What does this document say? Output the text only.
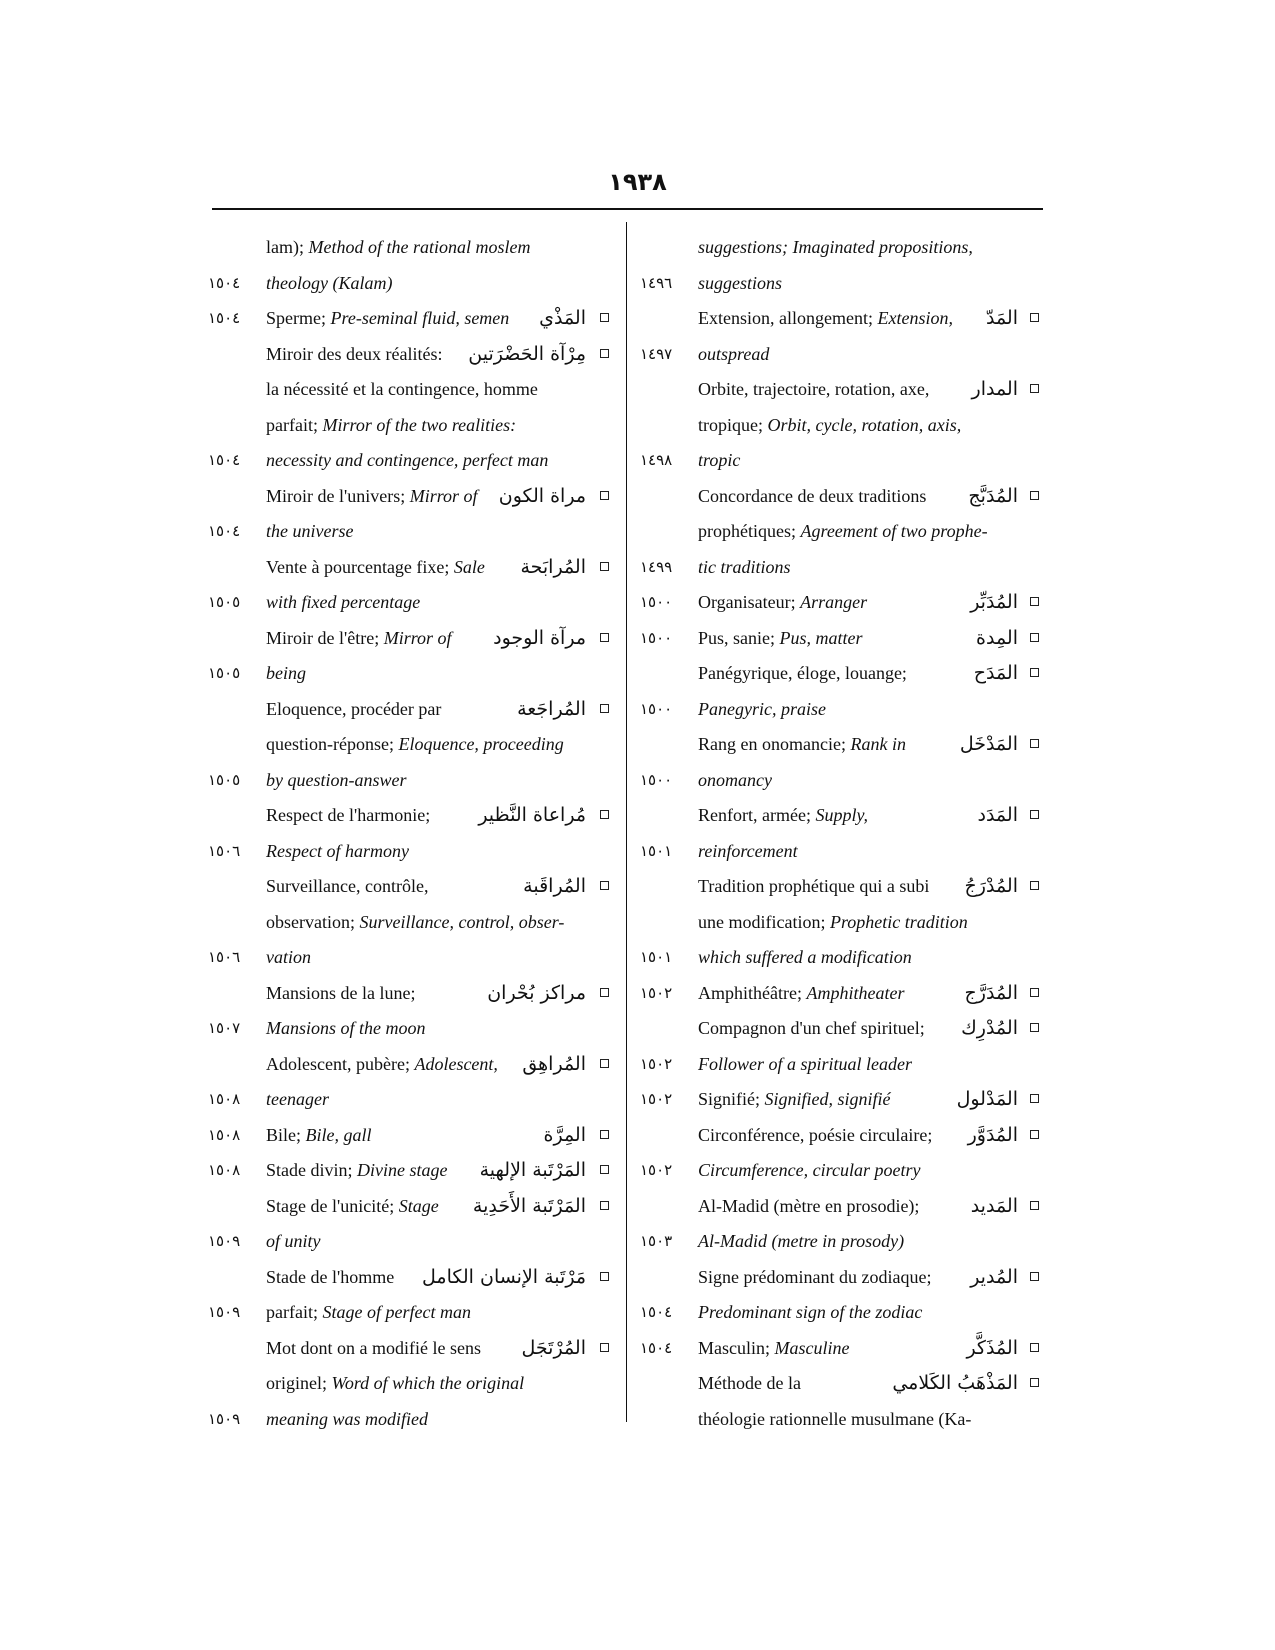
١٩٣٨
suggestions; Imaginated propositions,
١٤٩٦ suggestions
Extension, allongement; Extension, المَدّ
١٤٩٧ outspread
Orbite, trajectoire, rotation, axe, المدار
tropique; Orbit, cycle, rotation, axis,
١٤٩٨ tropic
Concordance de deux traditions المُدَبَّج
prophétiques; Agreement of two prophe-
١٤٩٩ tic traditions
١٥٠٠ Organisateur; Arranger	المُدَبِّر
١٥٠٠ Pus, sanie; Pus, matter	المِدة
Panégyrique, éloge, louange;	المَدَح
١٥٠٠ Panegyric, praise
Rang en onomancie; Rank in	المَدْخَل
١٥٠٠ onomancy
Renfort, armée; Supply,	المَدَد
١٥٠١ reinforcement
Tradition prophétique qui a subi المُدْرَجُ
une modification; Prophetic tradition
١٥٠١ which suffered a modification
١٥٠٢ Amphithéâtre; Amphitheater	المُدَرَّج
Compagnon d'un chef spirituel; المُدْرِك
١٥٠٢ Follower of a spiritual leader
١٥٠٢ Signifié; Signified, signifié	المَدْلول
Circonférence, poésie circulaire; المُدَوَّر
١٥٠٢ Circumference, circular poetry
Al-Madid (mètre en prosodie);	المَديد
١٥٠٣ Al-Madid (metre in prosody)
Signe prédominant du zodiaque; المُدير
١٥٠٤ Predominant sign of the zodiac
١٥٠٤ Masculin; Masculine	المُذَكَّر
Méthode de la	المَذْهَبُ الكَلامي
théologie rationnelle musulmane (Ka-
lam); Method of the rational moslem
١٥٠٤ theology (Kalam)
١٥٠٤ Sperme; Pre-seminal fluid, semen المَذْي
Miroir des deux réalités: مِرْآة الحَضْرَتين
la nécessité et la contingence, homme
parfait; Mirror of the two realities:
١٥٠٤ necessity and contingence, perfect man
Miroir de l'univers; Mirror of مراة الكون
١٥٠٤ the universe
Vente à pourcentage fixe; Sale المُرابَحة
١٥٠٥ with fixed percentage
Miroir de l'être; Mirror of مرآة الوجود
١٥٠٥ being
Eloquence, procéder par	المُراجَعة
question-réponse; Eloquence, proceeding
١٥٠٥ by question-answer
Respect de l'harmonie;	مُراعاة النَّظير
١٥٠٦ Respect of harmony
Surveillance, contrôle,	المُراقَبة
observation; Surveillance, control, obser-
١٥٠٦ vation
Mansions de la lune;	مراكز بُحْران
١٥٠٧ Mansions of the moon
Adolescent, pubère; Adolescent, المُراهِق
١٥٠٨ teenager
١٥٠٨ Bile; Bile, gall	المِرَّة
١٥٠٨ Stade divin; Divine stage المَرْتَبة الإلهية
Stage de l'unicité; Stage المَرْتَبة الأَحَدِية
١٥٠٩ of unity
Stade de l'homme مَرْتَبة الإنسان الكامل
١٥٠٩ parfait; Stage of perfect man
Mot dont on a modifié le sens المُرْتَجَل
originel; Word of which the original
١٥٠٩ meaning was modified
